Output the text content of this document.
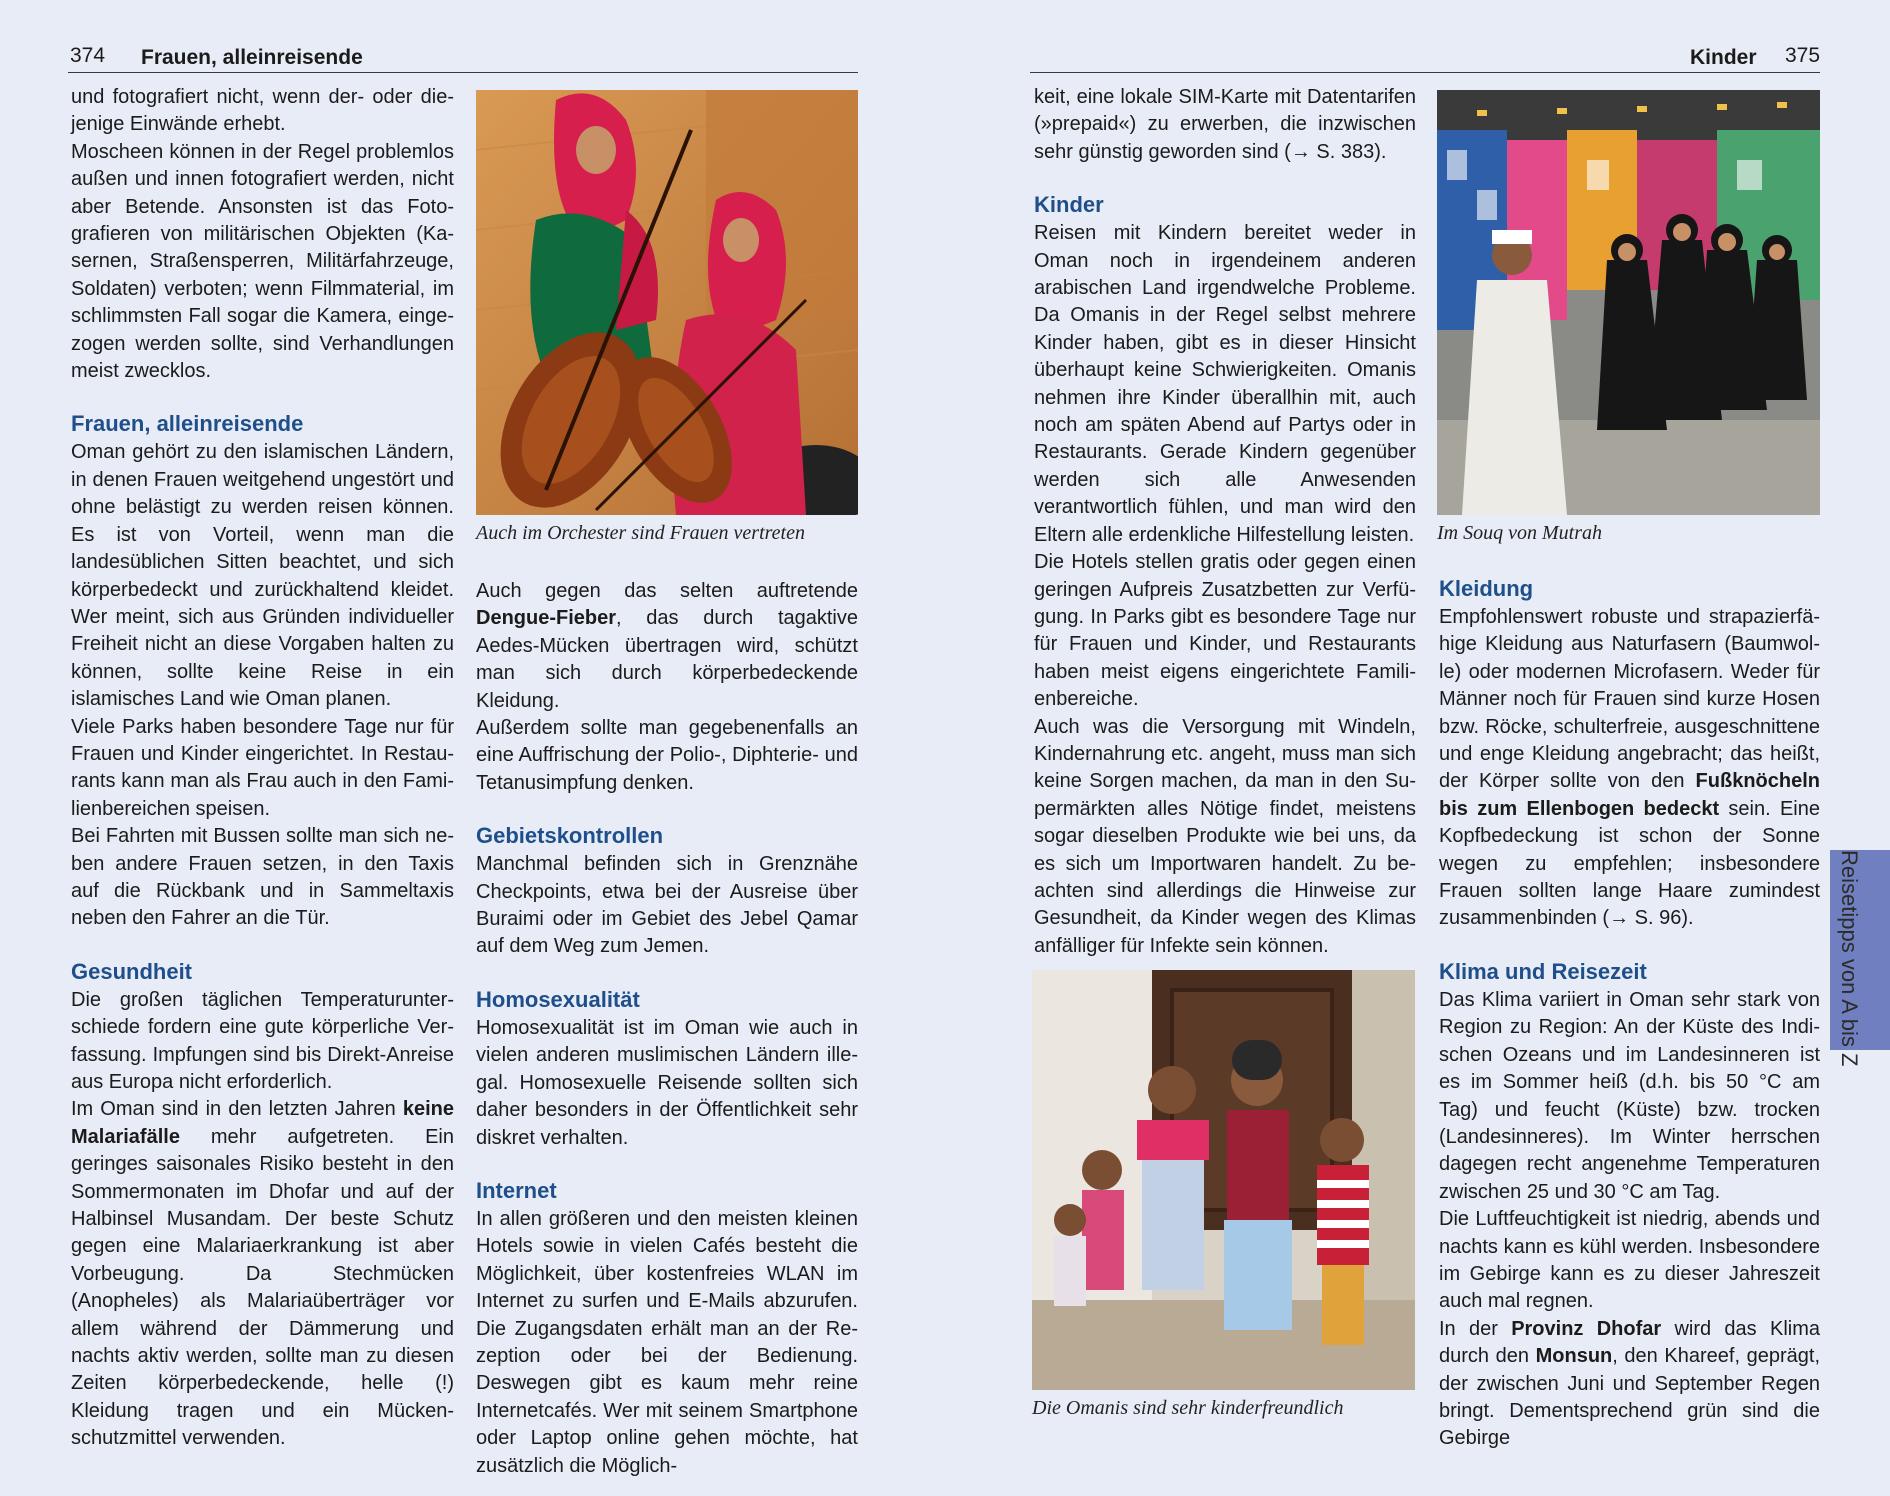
374 Frauen, alleinreisende

und fotografiert nicht, wenn der- oder diejenige Einwände erhebt.

Moscheen können in der Regel problemlos außen und innen fotografiert werden, nicht aber Betende. Ansonsten ist das Fotografieren von militärischen Objekten (Kasernen, Straßensperren, Militärfahrzeuge, Soldaten) verboten; wenn Filmmaterial, im schlimmsten Fall sogar die Kamera, eingezogen werden sollte, sind Verhandlungen meist zwecklos.

Frauen, alleinreisende

Oman gehört zu den islamischen Ländern, in denen Frauen weitgehend ungestört und ohne belästigt zu werden reisen können. Es ist von Vorteil, wenn man die landesüblichen Sitten beachtet, und sich körperbedeckt und zurückhaltend kleidet. Wer meint, sich aus Gründen individueller Freiheit nicht an diese Vorgaben halten zu können, sollte keine Reise in ein islamisches Land wie Oman planen.

Viele Parks haben besondere Tage nur für Frauen und Kinder eingerichtet. In Restaurants kann man als Frau auch in den Familienbereichen speisen.

Bei Fahrten mit Bussen sollte man sich neben andere Frauen setzen, in den Taxis auf die Rückbank und in Sammeltaxis neben den Fahrer an die Tür.

Gesundheit

Die großen täglichen Temperaturunterschiede fordern eine gute körperliche Verfassung. Impfungen sind bis Direkt-Anreise aus Europa nicht erforderlich.

Im Oman sind in den letzten Jahren keine Malariafälle mehr aufgetreten. Ein geringes saisonales Risiko besteht in den Sommermonaten im Dhofar und auf der Halbinsel Musandam. Der beste Schutz gegen eine Malariaerkrankung ist aber Vorbeugung. Da Stechmücken (Anopheles) als Malariaüberträger vor allem während der Dämmerung und nachts aktiv werden, sollte man zu diesen Zeiten körperbedeckende, helle (!) Kleidung tragen und ein Mückenschutzmittel verwenden.

Auch im Orchester sind Frauen vertreten

Auch gegen das selten auftretende Dengue-Fieber, das durch tagaktive Aedes-Mücken übertragen wird, schützt man sich durch körperbedeckende Kleidung.

Außerdem sollte man gegebenenfalls an eine Auffrischung der Polio-, Diphterie- und Tetanusimpfung denken.

Gebietskontrollen

Manchmal befinden sich in Grenznähe Checkpoints, etwa bei der Ausreise über Buraimi oder im Gebiet des Jebel Qamar auf dem Weg zum Jemen.

Homosexualität

Homosexualität ist im Oman wie auch in vielen anderen muslimischen Ländern illegal. Homosexuelle Reisende sollten sich daher besonders in der Öffentlichkeit sehr diskret verhalten.

Internet

In allen größeren und den meisten kleinen Hotels sowie in vielen Cafés besteht die Möglichkeit, über kostenfreies WLAN im Internet zu surfen und E-Mails abzurufen. Die Zugangsdaten erhält man an der Rezeption oder bei der Bedienung. Deswegen gibt es kaum mehr reine Internetcafés. Wer mit seinem Smartphone oder Laptop online gehen möchte, hat zusätzlich die Möglich-

Kinder 375

keit, eine lokale SIM-Karte mit Datentarifen (»prepaid«) zu erwerben, die inzwischen sehr günstig geworden sind (→ S. 383).

Kinder

Reisen mit Kindern bereitet weder in Oman noch in irgendeinem anderen arabischen Land irgendwelche Probleme. Da Omanis in der Regel selbst mehrere Kinder haben, gibt es in dieser Hinsicht überhaupt keine Schwierigkeiten. Omanis nehmen ihre Kinder überallhin mit, auch noch am späten Abend auf Partys oder in Restaurants. Gerade Kindern gegenüber werden sich alle Anwesenden verantwortlich fühlen, und man wird den Eltern alle erdenkliche Hilfestellung leisten.

Die Hotels stellen gratis oder gegen einen geringen Aufpreis Zusatzbetten zur Verfügung. In Parks gibt es besondere Tage nur für Frauen und Kinder, und Restaurants haben meist eigens eingerichtete Familienbereiche.

Auch was die Versorgung mit Windeln, Kindernahrung etc. angeht, muss man sich keine Sorgen machen, da man in den Supermärkten alles Nötige findet, meistens sogar dieselben Produkte wie bei uns, da es sich um Importwaren handelt. Zu beachten sind allerdings die Hinweise zur Gesundheit, da Kinder wegen des Klimas anfälliger für Infekte sein können.

Die Omanis sind sehr kinderfreundlich
Im Souq von Mutrah
Kleidung

Empfohlenswert robuste und strapazierfähige Kleidung aus Naturfasern (Baumwolle) oder modernen Microfasern. Weder für Männer noch für Frauen sind kurze Hosen bzw. Röcke, schulterfreie, ausgeschnittene und enge Kleidung angebracht; das heißt, der Körper sollte von den Fußknöcheln bis zum Ellenbogen bedeckt sein. Eine Kopfbedeckung ist schon der Sonne wegen zu empfehlen; insbesondere Frauen sollten lange Haare zumindest zusammenbinden (→ S. 96).

Klima und Reisezeit

Das Klima variiert in Oman sehr stark von Region zu Region: An der Küste des Indischen Ozeans und im Landesinneren ist es im Sommer heiß (d.h. bis 50 °C am Tag) und feucht (Küste) bzw. trocken (Landesinneres). Im Winter herrschen dagegen recht angenehme Temperaturen zwischen 25 und 30 °C am Tag.

Die Luftfeuchtigkeit ist niedrig, abends und nachts kann es kühl werden. Insbesondere im Gebirge kann es zu dieser Jahreszeit auch mal regnen.

In der Provinz Dhofar wird das Klima durch den Monsun, den Khareef, geprägt, der zwischen Juni und September Regen bringt. Dementsprechend grün sind die Gebirge

Reisetipps von A bis Z
